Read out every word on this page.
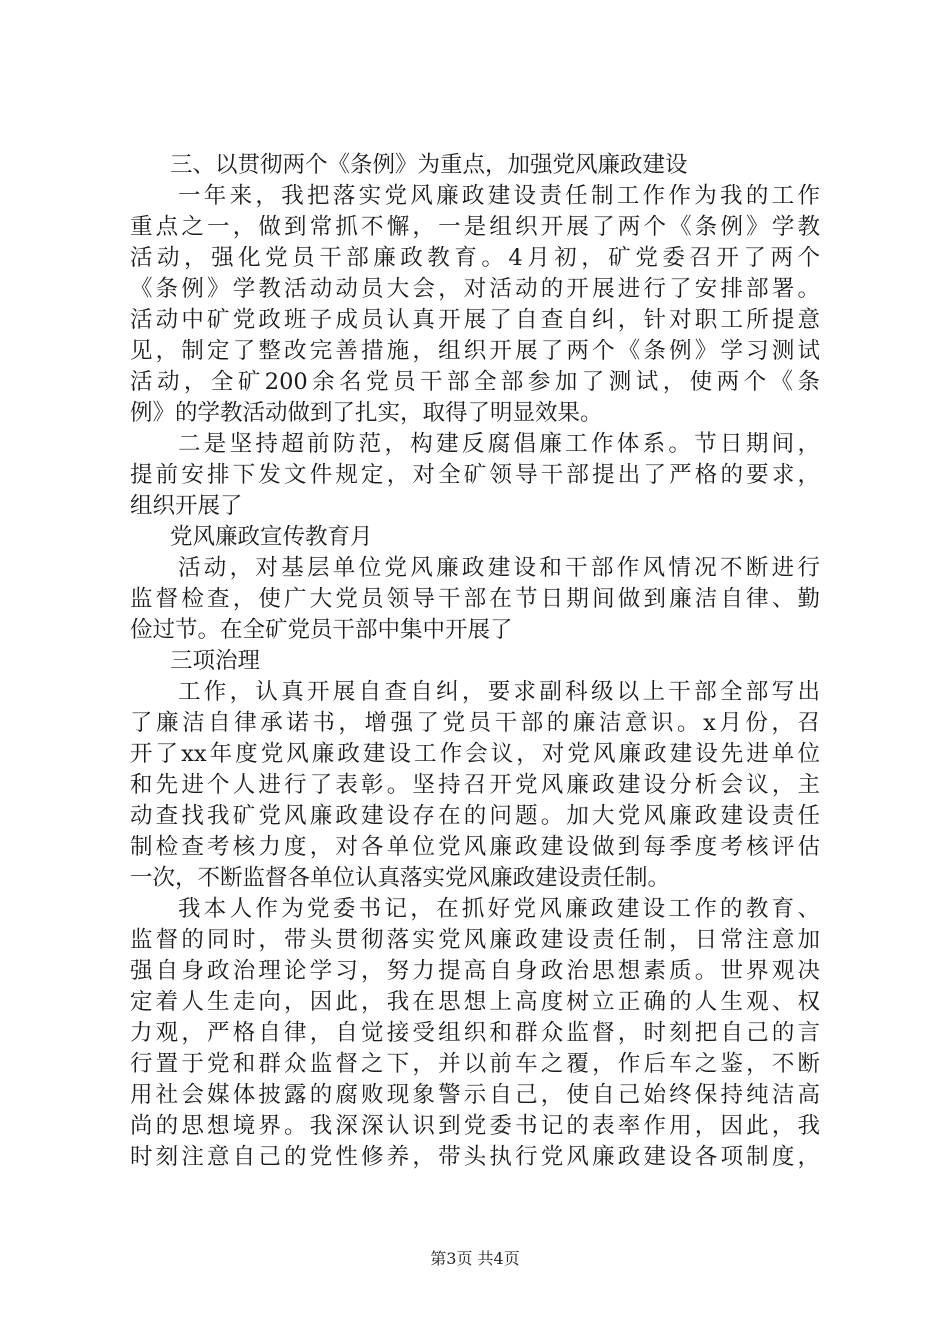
三、以贯彻两个《条例》为重点，加强党风廉政建设
一年来，我把落实党风廉政建设责任制工作作为我的工作
重点之一，做到常抓不懈，一是组织开展了两个《条例》学教
活动，强化党员干部廉政教育。4月初，矿党委召开了两个
《条例》学教活动动员大会，对活动的开展进行了安排部署。
活动中矿党政班子成员认真开展了自查自纠，针对职工所提意
见，制定了整改完善措施，组织开展了两个《条例》学习测试
活动，全矿200余名党员干部全部参加了测试，使两个《条
例》的学教活动做到了扎实，取得了明显效果。
二是坚持超前防范，构建反腐倡廉工作体系。节日期间，
提前安排下发文件规定，对全矿领导干部提出了严格的要求，
组织开展了
党风廉政宣传教育月
活动，对基层单位党风廉政建设和干部作风情况不断进行
监督检查，使广大党员领导干部在节日期间做到廉洁自律、勤
俭过节。在全矿党员干部中集中开展了
三项治理
工作，认真开展自查自纠，要求副科级以上干部全部写出
了廉洁自律承诺书，增强了党员干部的廉洁意识。x月份，召
开了xx年度党风廉政建设工作会议，对党风廉政建设先进单位
和先进个人进行了表彰。坚持召开党风廉政建设分析会议，主
动查找我矿党风廉政建设存在的问题。加大党风廉政建设责任
制检查考核力度，对各单位党风廉政建设做到每季度考核评估
一次，不断监督各单位认真落实党风廉政建设责任制。
我本人作为党委书记，在抓好党风廉政建设工作的教育、
监督的同时，带头贯彻落实党风廉政建设责任制，日常注意加
强自身政治理论学习，努力提高自身政治思想素质。世界观决
定着人生走向，因此，我在思想上高度树立正确的人生观、权
力观，严格自律，自觉接受组织和群众监督，时刻把自己的言
行置于党和群众监督之下，并以前车之覆，作后车之鉴，不断
用社会媒体披露的腐败现象警示自己，使自己始终保持纯洁高
尚的思想境界。我深深认识到党委书记的表率作用，因此，我
时刻注意自己的党性修养，带头执行党风廉政建设各项制度，
第3页 共4页
